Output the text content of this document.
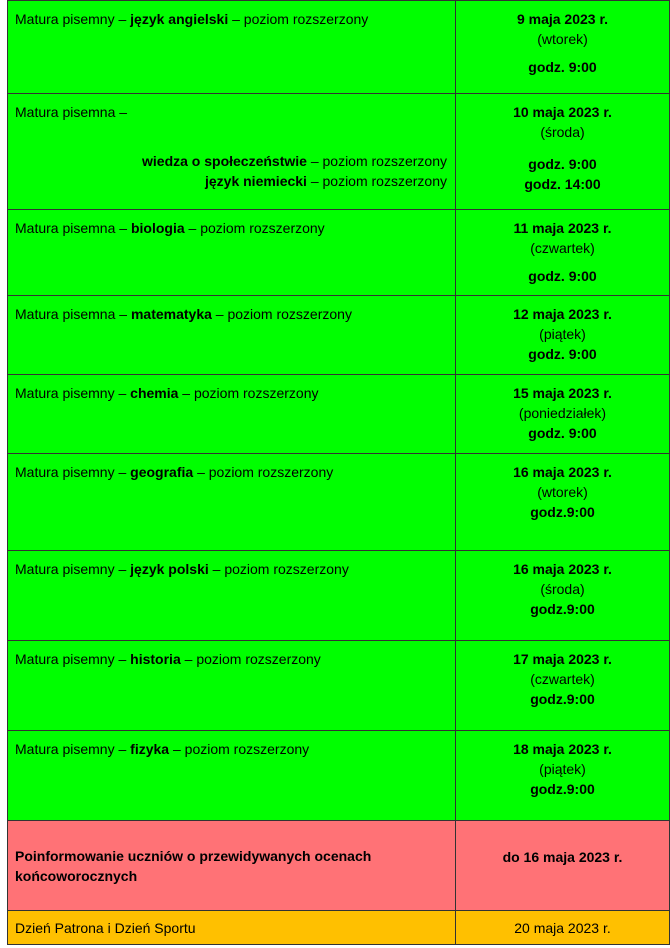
Matura pisemny – język angielski – poziom rozszerzony	9 maja 2023 r.
(wtorek)
godz. 9:00

Matura pisemna –
wiedza o społeczeństwie – poziom rozszerzony
język niemiecki – poziom rozszerzony	10 maja 2023 r.
(środa)
godz. 9:00
godz. 14:00

Matura pisemna – biologia – poziom rozszerzony	11 maja 2023 r.
(czwartek)
godz. 9:00

Matura pisemna – matematyka – poziom rozszerzony	12 maja 2023 r.
(piątek)
godz. 9:00

Matura pisemny – chemia – poziom rozszerzony	15 maja 2023 r.
(poniedziałek)
godz. 9:00

Matura pisemny – geografia – poziom rozszerzony	16 maja 2023 r.
(wtorek)
godz.9:00

Matura pisemny – język polski – poziom rozszerzony	16 maja 2023 r.
(środa)
godz.9:00

Matura pisemny – historia – poziom rozszerzony	17 maja 2023 r.
(czwartek)
godz.9:00

Matura pisemny – fizyka – poziom rozszerzony	18 maja 2023 r.
(piątek)
godz.9:00

Poinformowanie uczniów o przewidywanych ocenach
końcoworocznych	do 16 maja 2023 r.

Dzień Patrona i Dzień Sportu	20 maja 2023 r.
